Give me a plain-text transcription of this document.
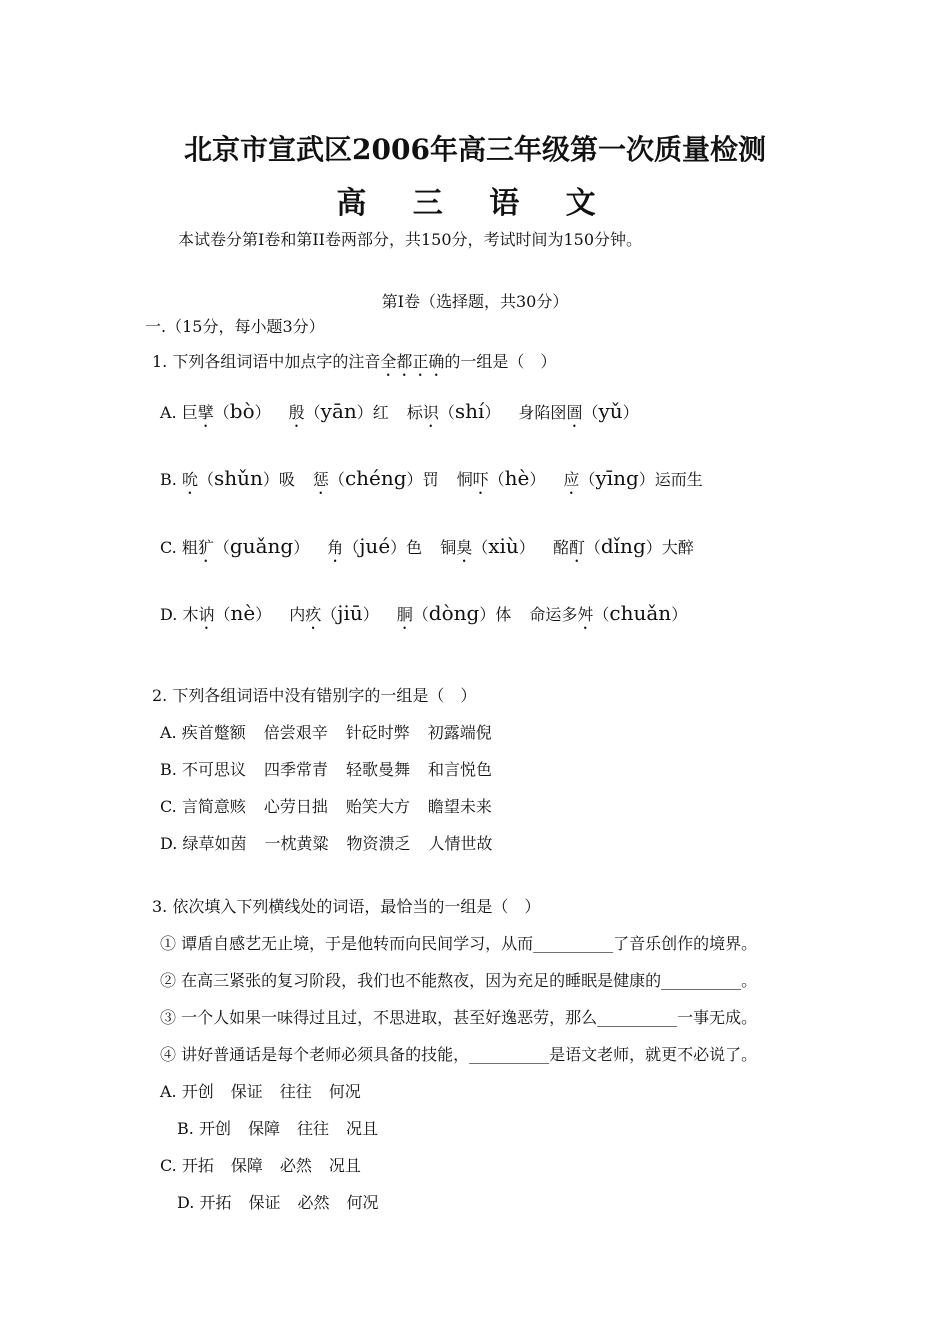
北京市宣武区2006年高三年级第一次质量检测
高 三 语 文
本试卷分第I卷和第II卷两部分，共150分，考试时间为150分钟。
第I卷（选择题，共30分）
一.（15分，每小题3分）
1. 下列各组词语中加点字的注音全都正确的一组是（　）
A. 巨擘（bò） 殷（yān）红 标识（shí） 身陷囹圄（yǔ）
B. 吮（shǔn）吸 惩（chéng）罚 恫吓（hè） 应（yīng）运而生
C. 粗犷（guǎng） 角（jué）色 铜臭（xiù） 酩酊（dǐng）大醉
D. 木讷（nè） 内疚（jiū） 胴（dòng）体 命运多舛（chuǎn）
2. 下列各组词语中没有错别字的一组是（　）
A. 疾首蹩额 倍尝艰辛 针砭时弊 初露端倪
B. 不可思议 四季常青 轻歌曼舞 和言悦色
C. 言简意赅 心劳日拙 贻笑大方 瞻望未来
D. 绿草如茵 一枕黄粱 物资溃乏 人情世故
3. 依次填入下列横线处的词语，最恰当的一组是（　）
① 谭盾自感艺无止境，于是他转而向民间学习，从而__________了音乐创作的境界。
② 在高三紧张的复习阶段，我们也不能熬夜，因为充足的睡眠是健康的__________。
③ 一个人如果一味得过且过，不思进取，甚至好逸恶劳，那么__________一事无成。
④ 讲好普通话是每个老师必须具备的技能，__________是语文老师，就更不必说了。
A. 开创 保证 往往 何况
B. 开创 保障 往往 况且
C. 开拓 保障 必然 况且
D. 开拓 保证 必然 何况
